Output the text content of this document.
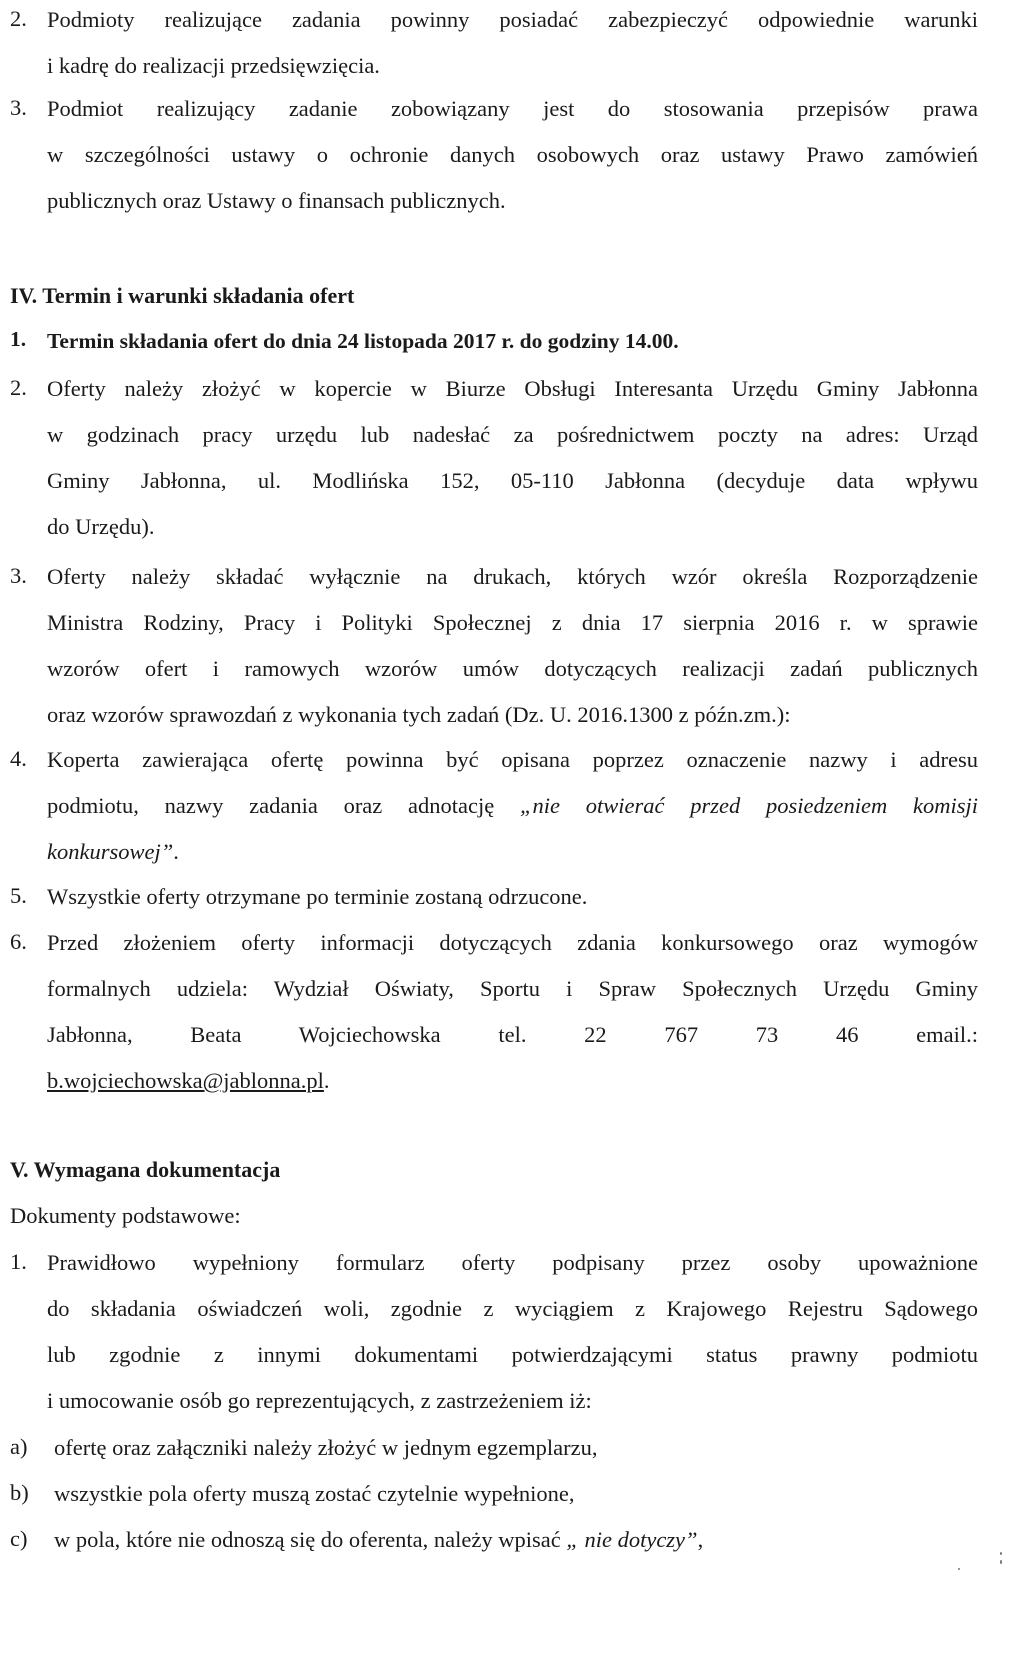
2. Podmioty realizujące zadania powinny posiadać zabezpieczyć odpowiednie warunki
i kadrę do realizacji przedsięwzięcia.
3. Podmiot realizujący zadanie zobowiązany jest do stosowania przepisów prawa
w szczególności ustawy o ochronie danych osobowych oraz ustawy Prawo zamówień
publicznych oraz Ustawy o finansach publicznych.
IV. Termin i warunki składania ofert
1. Termin składania ofert do dnia 24 listopada 2017 r. do godziny 14.00.
2. Oferty należy złożyć w kopercie w Biurze Obsługi Interesanta Urzędu Gminy Jabłonna
w godzinach pracy urzędu lub nadesłać za pośrednictwem poczty na adres: Urząd
Gminy Jabłonna, ul. Modlińska 152, 05-110 Jabłonna (decyduje data wpływu
do Urzędu).
3. Oferty należy składać wyłącznie na drukach, których wzór określa Rozporządzenie
Ministra Rodziny, Pracy i Polityki Społecznej z dnia 17 sierpnia 2016 r. w sprawie
wzorów ofert i ramowych wzorów umów dotyczących realizacji zadań publicznych
oraz wzorów sprawozdań z wykonania tych zadań (Dz. U. 2016.1300 z późn.zm.):
4. Koperta zawierająca ofertę powinna być opisana poprzez oznaczenie nazwy i adresu
podmiotu, nazwy zadania oraz adnotację „nie otwierać przed posiedzeniem komisji
konkursowej”.
5. Wszystkie oferty otrzymane po terminie zostaną odrzucone.
6. Przed złożeniem oferty informacji dotyczących zdania konkursowego oraz wymogów
formalnych udziela: Wydział Oświaty, Sportu i Spraw Społecznych Urzędu Gminy
Jabłonna, Beata Wojciechowska tel. 22 767 73 46 email.:
b.wojciechowska@jablonna.pl.
V. Wymagana dokumentacja
Dokumenty podstawowe:
1. Prawidłowo wypełniony formularz oferty podpisany przez osoby upoważnione
do składania oświadczeń woli, zgodnie z wyciągiem z Krajowego Rejestru Sądowego
lub zgodnie z innymi dokumentami potwierdzającymi status prawny podmiotu
i umocowanie osób go reprezentujących, z zastrzeżeniem iż:
a) ofertę oraz załączniki należy złożyć w jednym egzemplarzu,
b) wszystkie pola oferty muszą zostać czytelnie wypełnione,
c) w pola, które nie odnoszą się do oferenta, należy wpisać „ nie dotyczy”,
